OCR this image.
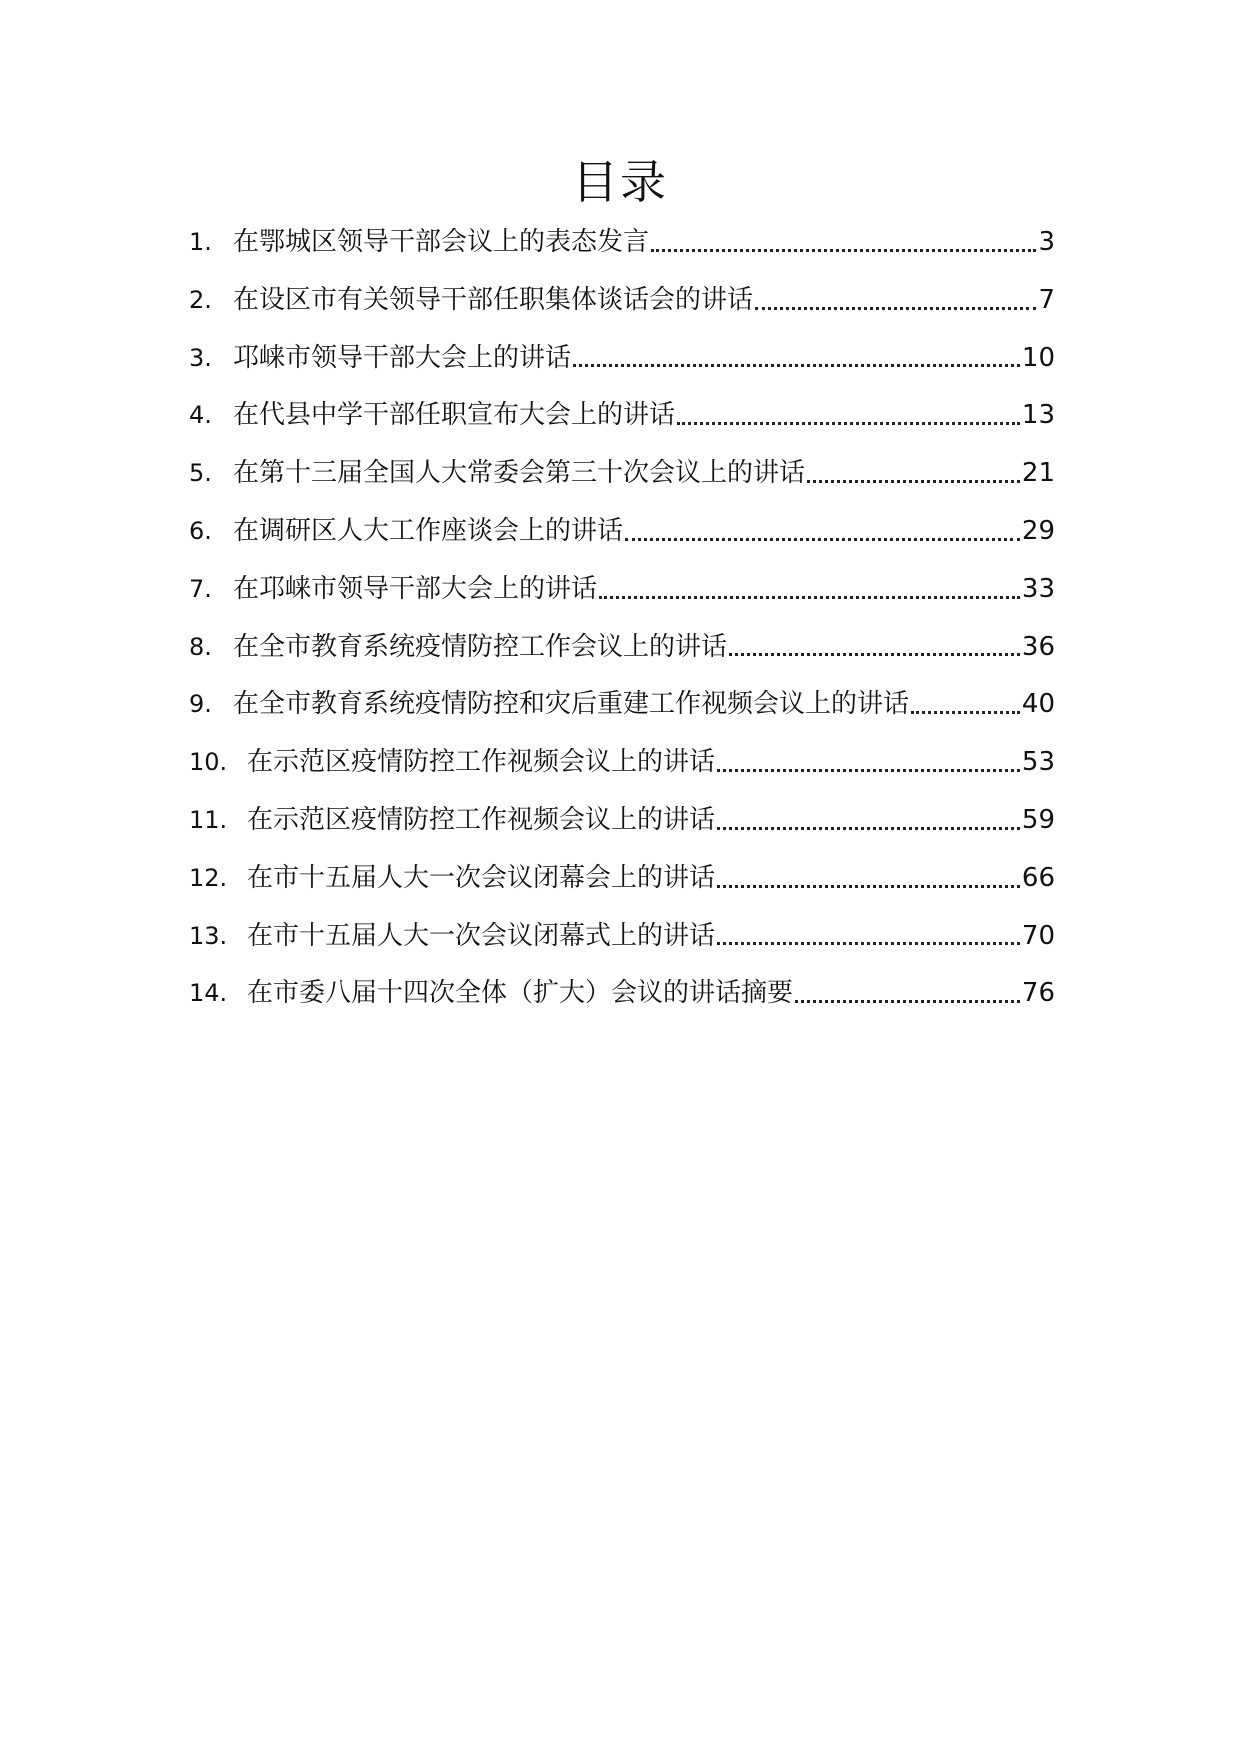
目录
1. 在鄂城区领导干部会议上的表态发言	3
2. 在设区市有关领导干部任职集体谈话会的讲话	7
3. 邛崃市领导干部大会上的讲话	10
4. 在代县中学干部任职宣布大会上的讲话	13
5. 在第十三届全国人大常委会第三十次会议上的讲话	21
6. 在调研区人大工作座谈会上的讲话	29
7. 在邛崃市领导干部大会上的讲话	33
8. 在全市教育系统疫情防控工作会议上的讲话	36
9. 在全市教育系统疫情防控和灾后重建工作视频会议上的讲话	40
10. 在示范区疫情防控工作视频会议上的讲话	53
11. 在示范区疫情防控工作视频会议上的讲话	59
12. 在市十五届人大一次会议闭幕会上的讲话	66
13. 在市十五届人大一次会议闭幕式上的讲话	70
14. 在市委八届十四次全体（扩大）会议的讲话摘要	76
